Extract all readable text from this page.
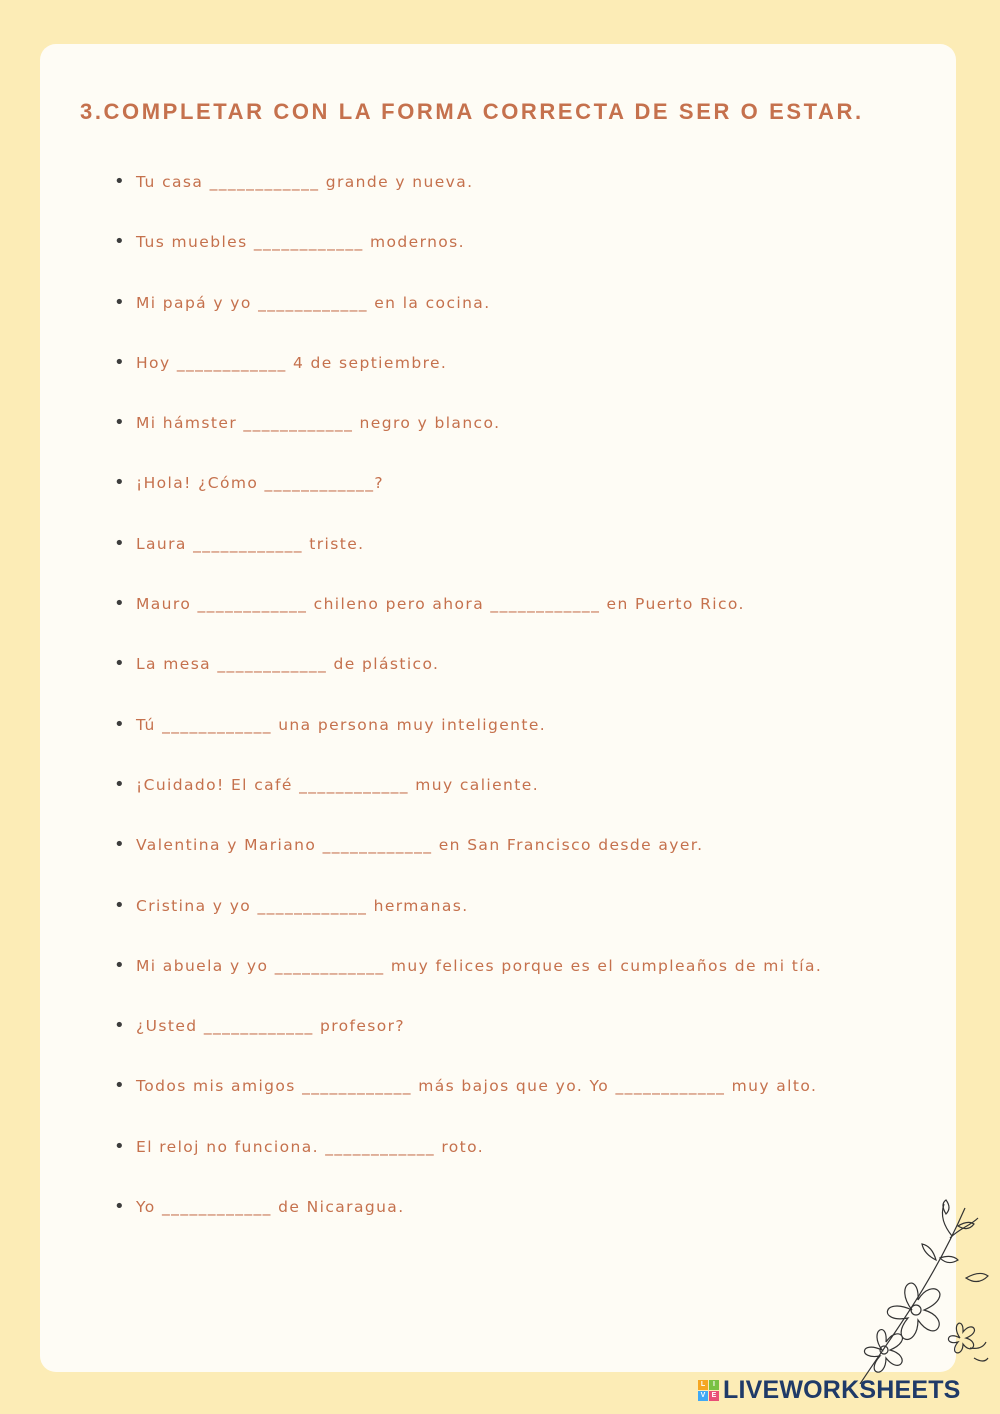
3.COMPLETAR CON LA FORMA CORRECTA DE SER O ESTAR.
• Tu casa ____________ grande y nueva.
• Tus muebles ____________ modernos.
• Mi papá y yo ____________ en la cocina.
• Hoy ____________ 4 de septiembre.
• Mi hámster ____________ negro y blanco.
• ¡Hola! ¿Cómo ____________?
• Laura ____________ triste.
• Mauro ____________ chileno pero ahora ____________ en Puerto Rico.
• La mesa ____________ de plástico.
• Tú ____________ una persona muy inteligente.
• ¡Cuidado! El café ____________ muy caliente.
• Valentina y Mariano ____________ en San Francisco desde ayer.
• Cristina y yo ____________ hermanas.
• Mi abuela y yo ____________ muy felices porque es el cumpleaños de mi tía.
• ¿Usted ____________ profesor?
• Todos mis amigos ____________ más bajos que yo. Yo ____________ muy alto.
• El reloj no funciona. ____________ roto.
• Yo ____________ de Nicaragua.
L	I
V E LIVEWORKSHEETS
